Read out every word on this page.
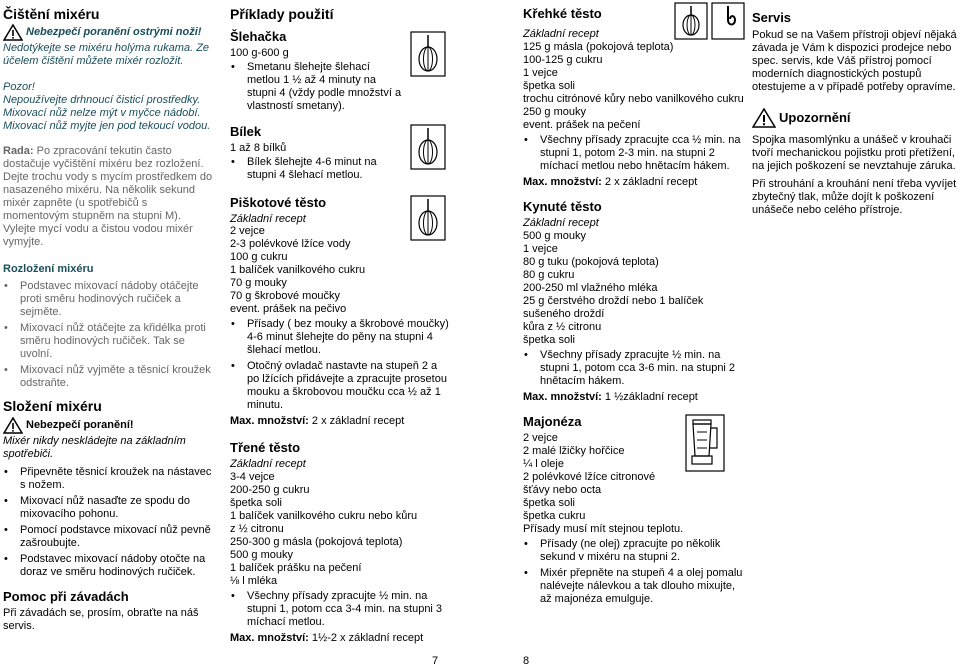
Čištění mixéru
Nebezpečí poranění ostrými noži!

Nedotýkejte se mixéru holýma rukama. Ze účelem čištění můžete mixér rozložit.

Pozor!

Nepoužívejte drhnoucí čisticí prostředky. Mixovací nůž nelze mýt v myčce nádobí. Mixovací nůž myjte jen pod tekoucí vodou.

Rada: Po zpracování tekutin často dostačuje vyčištění mixéru bez rozložení. Dejte trochu vody s mycím prostředkem do nasazeného mixéru. Na několik sekund mixér zapněte (u spotřebičů s momentovým stupněm na stupni M). Vylejte mycí vodu a čistou vodou mixér vymyjte.

Rozložení mixéru
• Podstavec mixovací nádoby otáčejte proti směru hodinových ručiček a sejměte.
• Mixovací nůž otáčejte za křidélka proti směru hodinových ručiček. Tak se uvolní.
• Mixovací nůž vyjměte a těsnicí kroužek odstraňte.
Složení mixéru
Nebezpečí poranění!

Mixér nikdy neskládejte na základním spotřebiči.

• Připevněte těsnicí kroužek na nástavec s nožem.
• Mixovací nůž nasaďte ze spodu do mixovacího pohonu.
• Pomocí podstavce mixovací nůž pevně zašroubujte.
• Podstavec mixovací nádoby otočte na doraz ve směru hodinových ručiček.
Pomoc při závadách

Při závadách se, prosím, obraťte na náš servis.

Příklady použití
Šlehačka

100 g-600 g

• Smetanu šlehejte šlehací metlou 1 ½ až 4 minuty na stupni 4 (vždy podle množství a vlastností smetany).
Bílek

1 až 8 bílků

• Bílek šlehejte 4-6 minut na stupni 4 šlehací metlou.
Piškotové těsto

Základní recept

2 vejce

2-3 polévkové lžíce vody

100 g cukru

1 balíček vanilkového cukru

70 g mouky

70 g škrobové moučky

event. prášek na pečivo

• Přísady ( bez mouky a škrobové moučky) 4-6 minut šlehejte do pěny na stupni 4 šlehací metlou.
• Otočný ovladač nastavte na stupeň 2 a po lžících přidávejte a zpracujte prosetou mouku a škrobovou moučku cca ½ až 1 minutu.

Max. množství: 2 x základní recept

Třené těsto

Základní recept

3-4 vejce

200-250 g cukru

špetka soli

1 balíček vanilkového cukru nebo kůru

z ½ citronu

250-300 g másla (pokojová teplota)

500 g mouky

1 balíček prášku na pečení

⅛ l mléka

• Všechny přísady zpracujte ½ min. na stupni 1, potom cca 3-4 min. na stupni 3 míchací metlou.

Max. množství: 1½-2 x základní recept

Křehké těsto

Základní recept

125 g másla (pokojová teplota)

100-125 g cukru

1 vejce

špetka soli

trochu citrónové kůry nebo vanilkového cukru

250 g mouky

event. prášek na pečení

• Všechny přísady zpracujte cca ½ min. na stupni 1, potom 2-3 min. na stupni 2 míchací metlou nebo hnětacím hákem.

Max. množství: 2 x základní recept

Kynuté těsto

Základní recept

500 g mouky

1 vejce

80 g tuku (pokojová teplota)

80 g cukru

200-250 ml vlažného mléka

25 g čerstvého droždí nebo 1 balíček sušeného droždí

kůra z ½ citronu

špetka soli

• Všechny přísady zpracujte ½ min. na stupni 1, potom cca 3-6 min. na stupni 2 hnětacím hákem.

Max. množství: 1 ½základní recept

Majonéza

2 vejce

2 malé lžičky hořčice

¼ l oleje

2 polévkové lžíce citronové šťávy nebo octa

špetka soli

špetka cukru

Přísady musí mít stejnou teplotu.

• Přísady (ne olej) zpracujte po několik sekund v mixéru na stupni 2.
• Mixér přepněte na stupeň 4 a olej pomalu nalévejte nálevkou a tak dlouho mixujte, až majonéza emulguje.
Servis

Pokud se na Vašem přístroji objeví nějaká závada je Vám k dispozici prodejce nebo spec. servis, kde Váš přístroj pomocí moderních diagnostických postupů otestujeme a v případě potřeby opravíme.

Upozornění

Spojka masomlýnku a unášeč v krouhači tvoří mechanickou pojistku proti přetížení, na jejich poškození se nevztahuje záruka.

Při strouhání a krouhání není třeba vyvíjet zbytečný tlak, může dojít k poškození unášeče nebo celého přístroje.

7	8
